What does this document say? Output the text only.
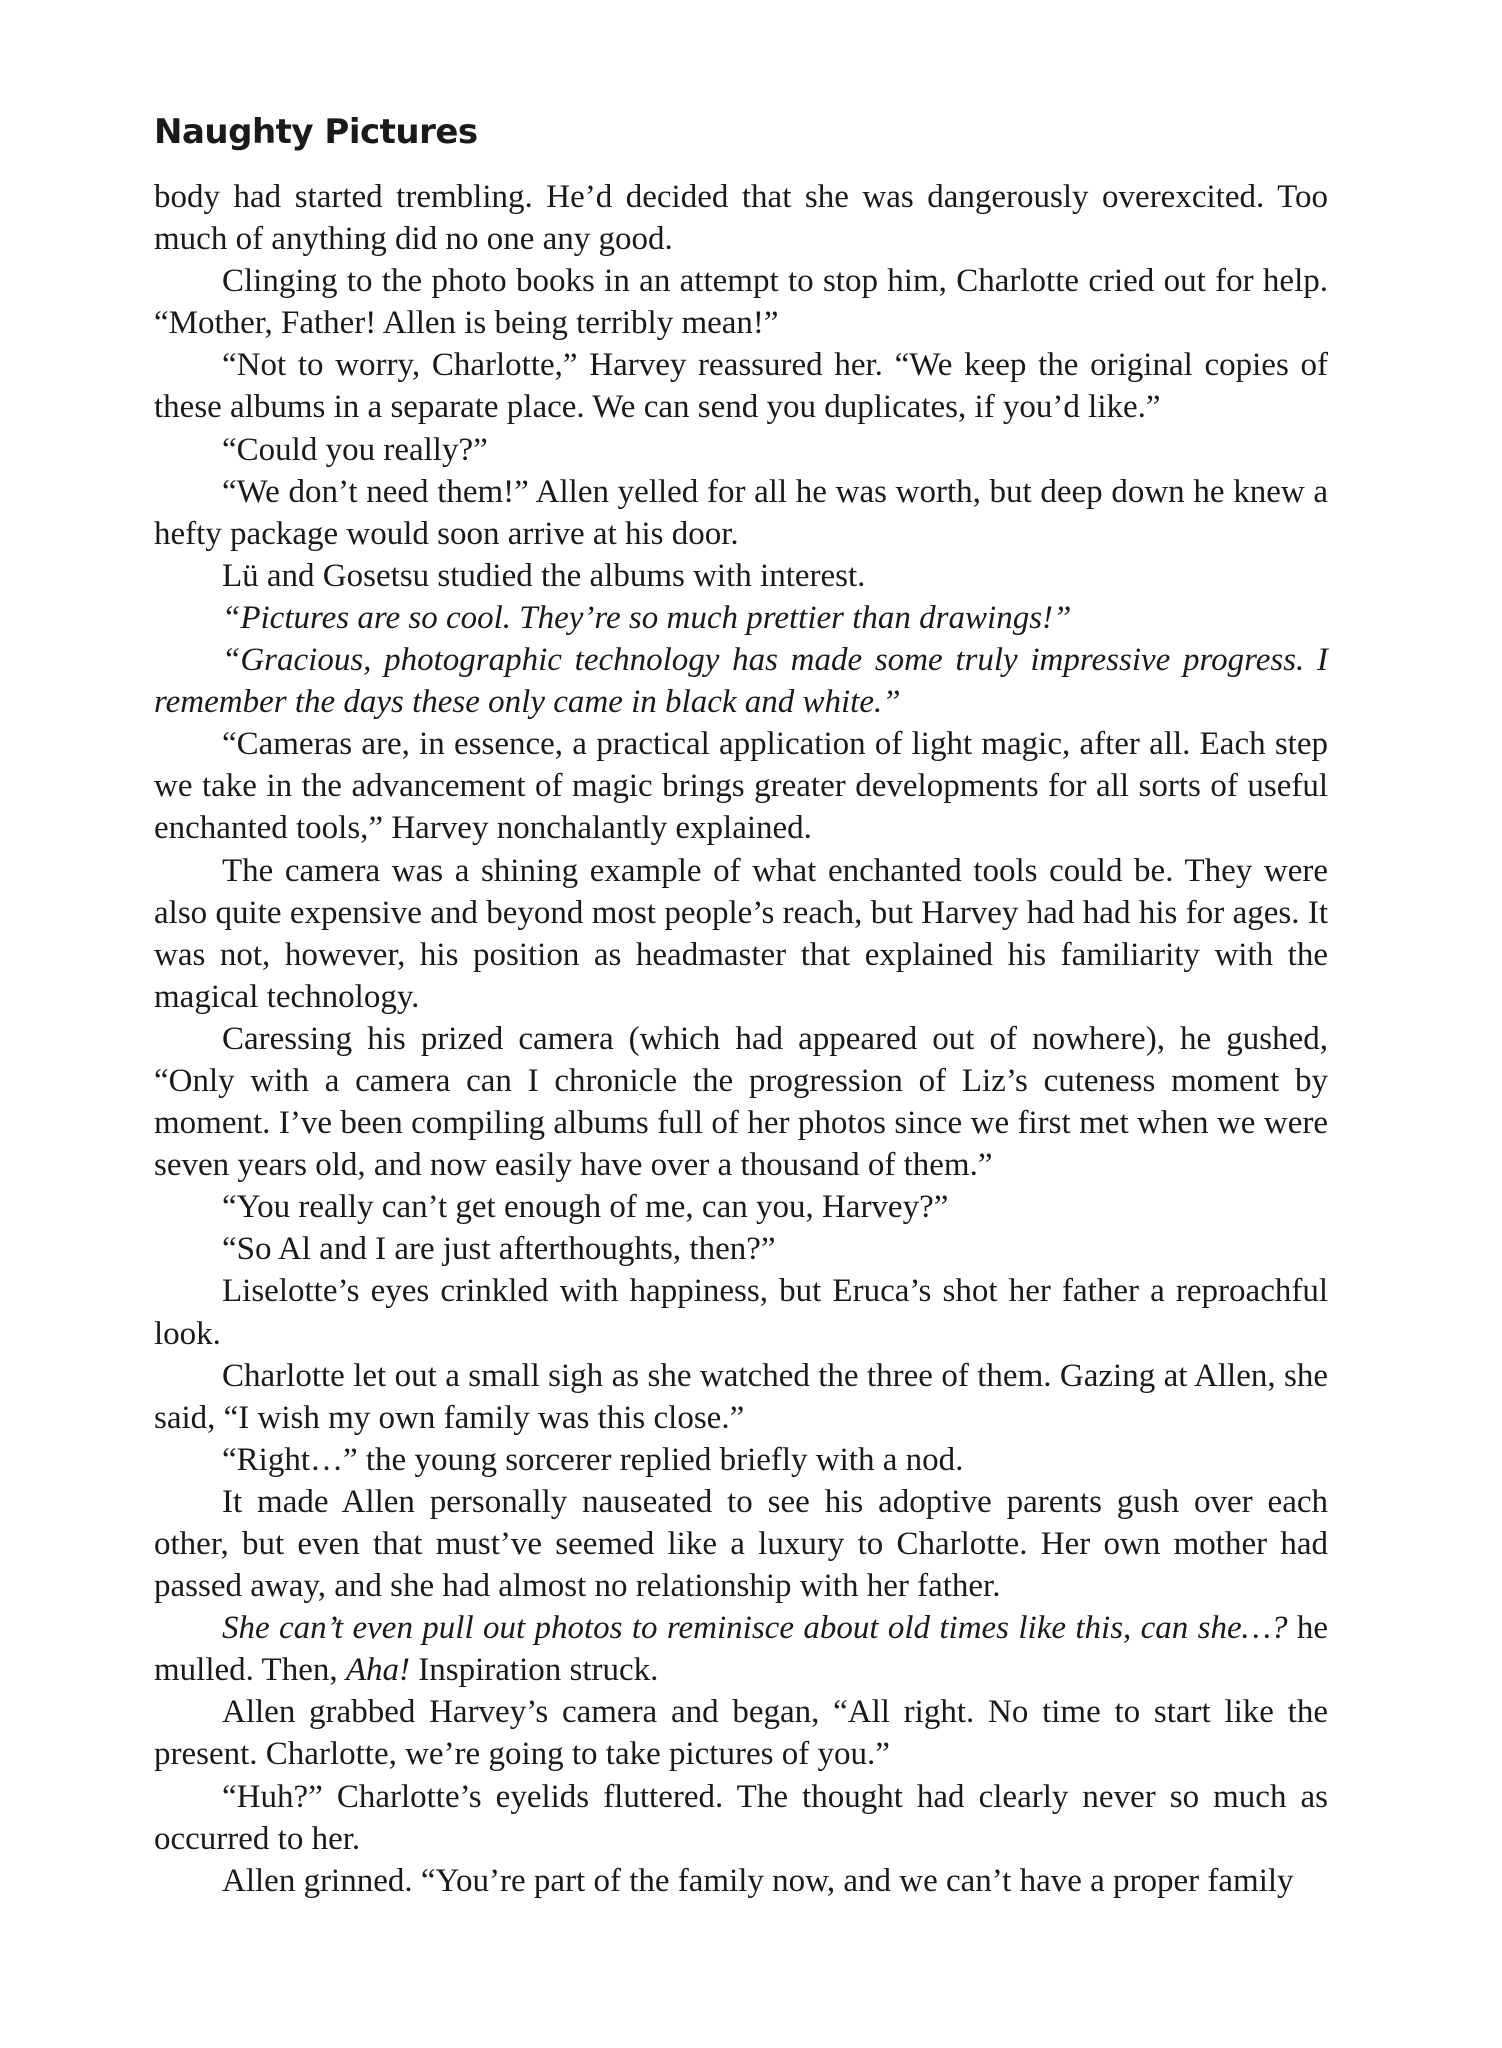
Naughty Pictures

body had started trembling. He’d decided that she was dangerously overexcited. Too much of anything did no one any good.

Clinging to the photo books in an attempt to stop him, Charlotte cried out for help. “Mother, Father! Allen is being terribly mean!”

“Not to worry, Charlotte,” Harvey reassured her. “We keep the original copies of these albums in a separate place. We can send you duplicates, if you’d like.”

“Could you really?”

“We don’t need them!” Allen yelled for all he was worth, but deep down he knew a hefty package would soon arrive at his door.

Lü and Gosetsu studied the albums with interest.

“Pictures are so cool. They’re so much prettier than drawings!”

“Gracious, photographic technology has made some truly impressive progress. I remember the days these only came in black and white.”

“Cameras are, in essence, a practical application of light magic, after all. Each step we take in the advancement of magic brings greater developments for all sorts of useful enchanted tools,” Harvey nonchalantly explained.

The camera was a shining example of what enchanted tools could be. They were also quite expensive and beyond most people’s reach, but Harvey had had his for ages. It was not, however, his position as headmaster that explained his familiarity with the magical technology.

Caressing his prized camera (which had appeared out of nowhere), he gushed, “Only with a camera can I chronicle the progression of Liz’s cuteness moment by moment. I’ve been compiling albums full of her photos since we first met when we were seven years old, and now easily have over a thousand of them.”

“You really can’t get enough of me, can you, Harvey?”

“So Al and I are just afterthoughts, then?”

Liselotte’s eyes crinkled with happiness, but Eruca’s shot her father a reproachful look.

Charlotte let out a small sigh as she watched the three of them. Gazing at Allen, she said, “I wish my own family was this close.”

“Right…” the young sorcerer replied briefly with a nod.

It made Allen personally nauseated to see his adoptive parents gush over each other, but even that must’ve seemed like a luxury to Charlotte. Her own mother had passed away, and she had almost no relationship with her father.

She can’t even pull out photos to reminisce about old times like this, can she…? he mulled. Then, Aha! Inspiration struck.

Allen grabbed Harvey’s camera and began, “All right. No time to start like the present. Charlotte, we’re going to take pictures of you.”

“Huh?” Charlotte’s eyelids fluttered. The thought had clearly never so much as occurred to her.

Allen grinned. “You’re part of the family now, and we can’t have a proper family
